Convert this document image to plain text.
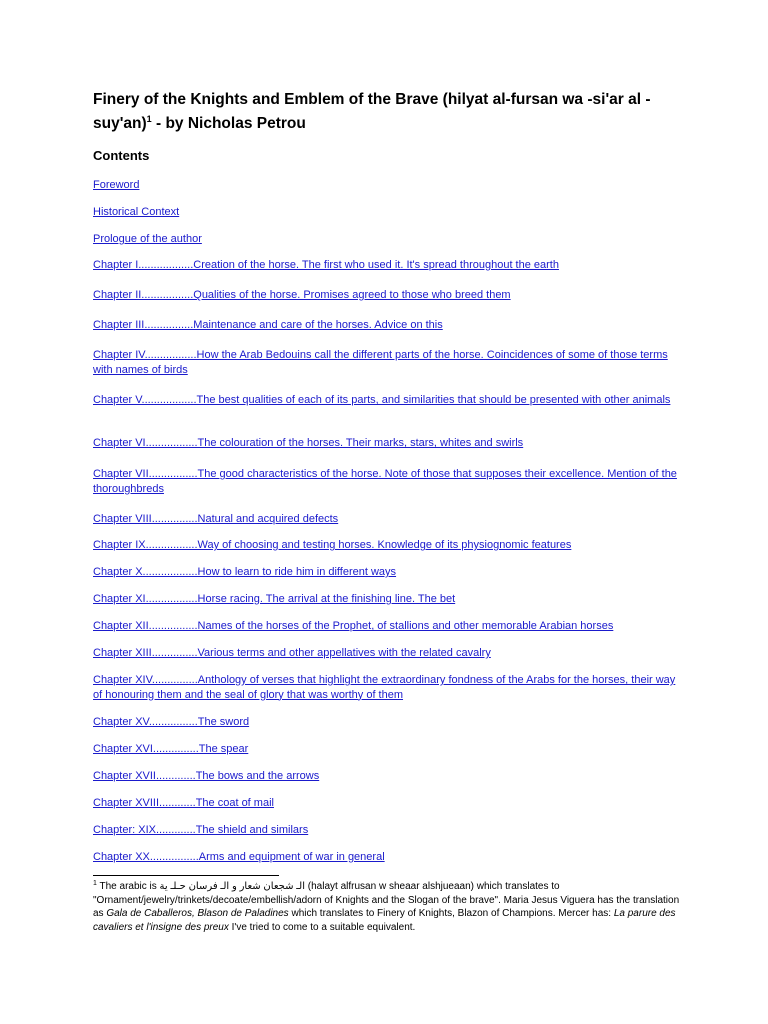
Finery of the Knights and Emblem of the Brave (hilyat al-fursan wa -si'ar al - suy'an)$^1$ - by Nicholas Petrou
Contents
Foreword
Historical Context
Prologue of the author
Chapter I..................Creation of the horse. The first who used it. It's spread throughout the earth
Chapter II.................Qualities of the horse. Promises agreed to those who breed them
Chapter III................Maintenance and care of the horses. Advice on this
Chapter IV.................How the Arab Bedouins call the different parts of the horse. Coincidences of some of those terms with names of birds
Chapter V..................The best qualities of each of its parts, and similarities that should be presented with other animals
Chapter VI.................The colouration of the horses. Their marks, stars, whites and swirls
Chapter VII................The good characteristics of the horse. Note of those that supposes their excellence. Mention of the thoroughbreds
Chapter VIII...............Natural and acquired defects
Chapter IX.................Way of choosing and testing horses. Knowledge of its physiognomic features
Chapter X..................How to learn to ride him in different ways
Chapter XI.................Horse racing. The arrival at the finishing line. The bet
Chapter XII................Names of the horses of the Prophet, of stallions and other memorable Arabian horses
Chapter XIII...............Various terms and other appellatives with the related cavalry
Chapter XIV...............Anthology of verses that highlight the extraordinary fondness of the Arabs for the horses, their way of honouring them and the seal of glory that was worthy of them
Chapter XV................The sword
Chapter XVI...............The spear
Chapter XVII.............The bows and the arrows
Chapter XVIII............The coat of mail
Chapter: XIX.............The shield and similars
Chapter XX................Arms and equipment of war in general
$^1$ The arabic is الـ شجعان شعار و الـ فرسان حـلـ ية (halayt alfrusan w sheaar alshjueaan) which translates to "Ornament/jewelry/trinkets/decoate/embellish/adorn of Knights and the Slogan of the brave". Maria Jesus Viguera has the translation as Gala de Caballeros, Blason de Paladines which translates to Finery of Knights, Blazon of Champions. Mercer has: La parure des cavaliers et l'insigne des preux I've tried to come to a suitable equivalent.
